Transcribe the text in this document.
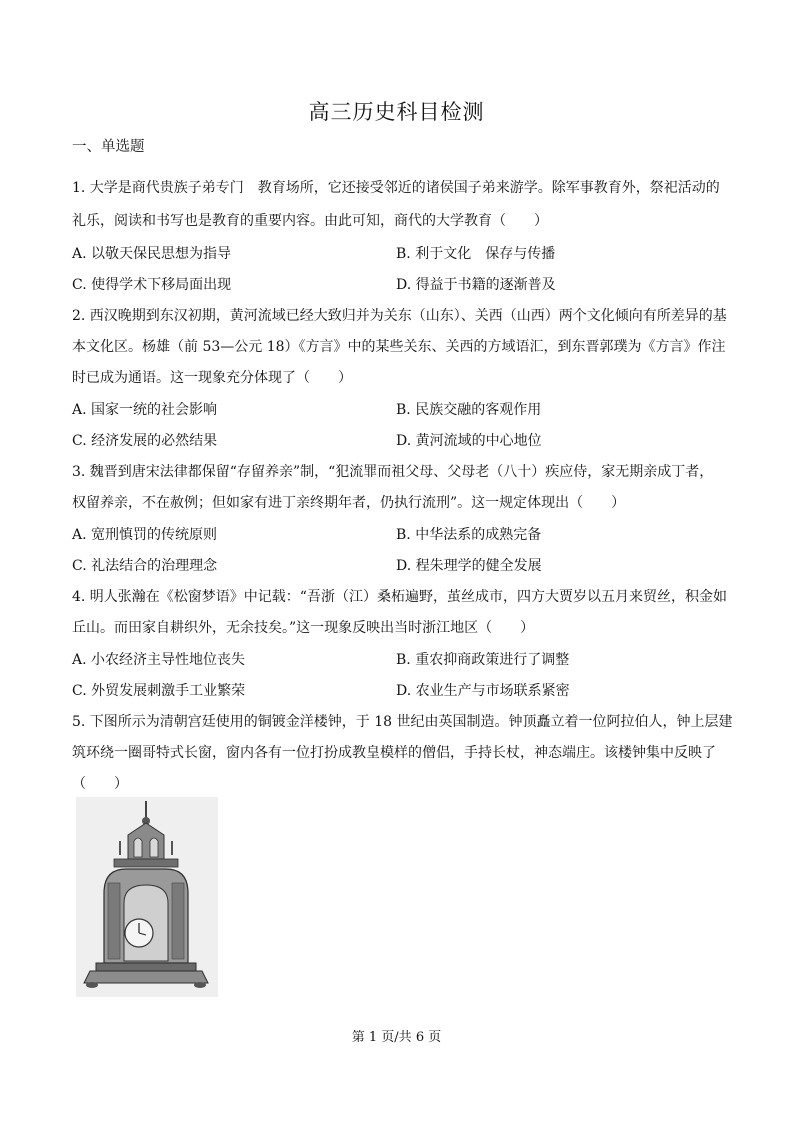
高三历史科目检测
一、单选题
1. 大学是商代贵族子弟专门　教育场所，它还接受邻近的诸侯国子弟来游学。除军事教育外，祭祀活动的
礼乐，阅读和书写也是教育的重要内容。由此可知，商代的大学教育（　　）
A. 以敬天保民思想为指导	B. 利于文化　保存与传播
C. 使得学术下移局面出现	D. 得益于书籍的逐渐普及
2. 西汉晚期到东汉初期，黄河流域已经大致归并为关东（山东）、关西（山西）两个文化倾向有所差异的基
本文化区。杨雄（前 53—公元 18）《方言》中的某些关东、关西的方域语汇，到东晋郭璞为《方言》作注
时已成为通语。这一现象充分体现了（　　）
A. 国家一统的社会影响	B. 民族交融的客观作用
C. 经济发展的必然结果	D. 黄河流域的中心地位
3. 魏晋到唐宋法律都保留“存留养亲”制，“犯流罪而祖父母、父母老（八十）疾应侍，家无期亲成丁者，
权留养亲，不在赦例；但如家有进丁亲终期年者，仍执行流刑”。这一规定体现出（　　）
A. 宽刑慎罚的传统原则	B. 中华法系的成熟完备
C. 礼法结合的治理理念	D. 程朱理学的健全发展
4. 明人张瀚在《松窗梦语》中记载：“吾浙（江）桑柘遍野，茧丝成市，四方大贾岁以五月来贸丝，积金如
丘山。而田家自耕织外，无余技矣。”这一现象反映出当时浙江地区（　　）
A. 小农经济主导性地位丧失	B. 重农抑商政策进行了调整
C. 外贸发展刺激手工业繁荣	D. 农业生产与市场联系紧密
5. 下图所示为清朝宫廷使用的铜镀金洋楼钟，于 18 世纪由英国制造。钟顶矗立着一位阿拉伯人，钟上层建
筑环绕一圈哥特式长窗，窗内各有一位打扮成教皇模样的僧侣，手持长杖，神态端庄。该楼钟集中反映了
（　　）
第 1 页/共 6 页
